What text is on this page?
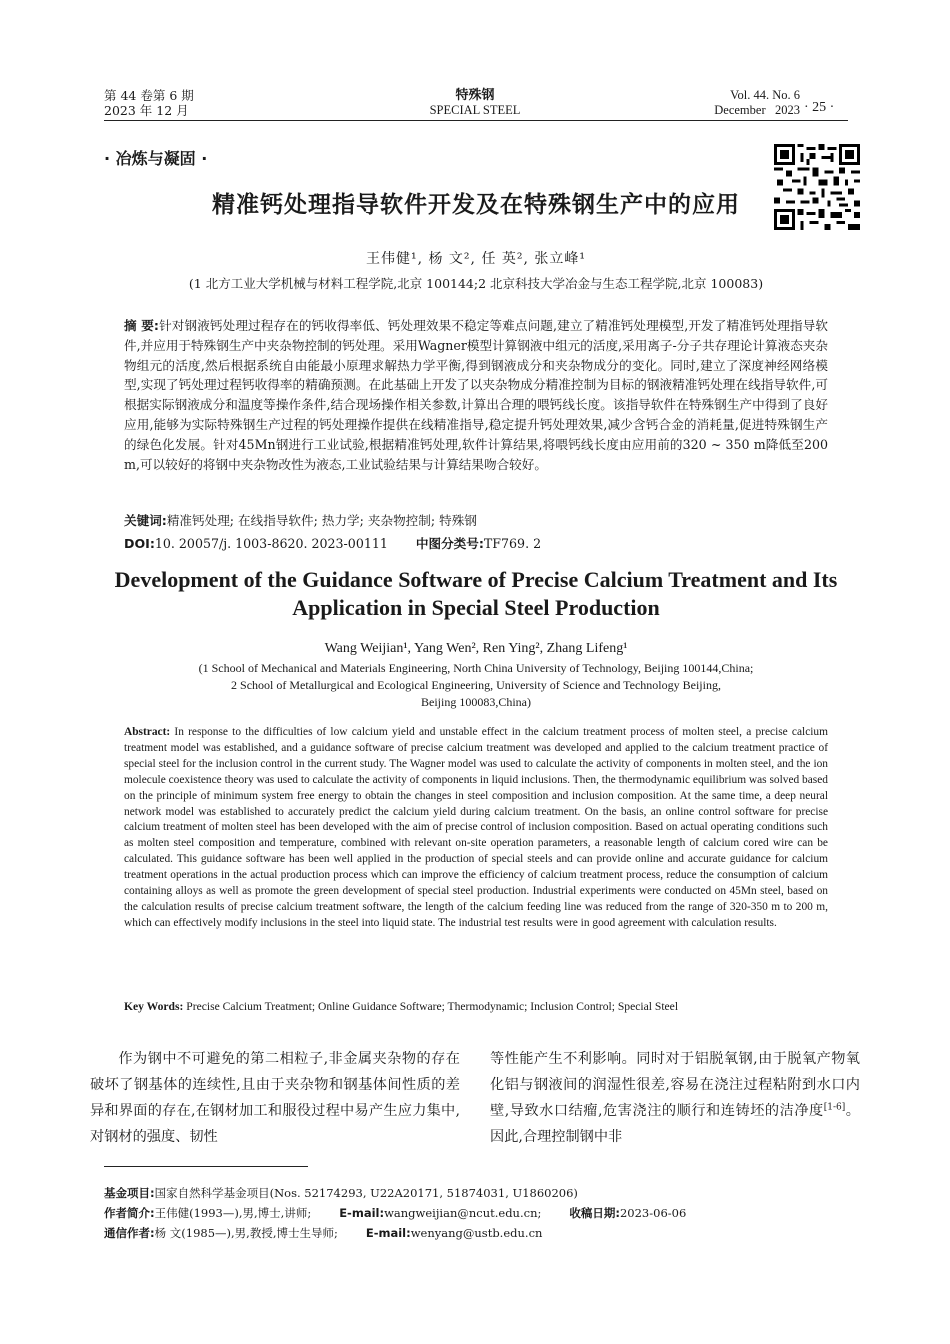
第 44 卷第 6 期
2023 年 12 月
特殊钢
SPECIAL STEEL
Vol. 44. No. 6
December   2023 · 25 ·
· 冶炼与凝固 ·
精准钙处理指导软件开发及在特殊钢生产中的应用
王伟健¹, 杨 文², 任 英², 张立峰¹
(1 北方工业大学机械与材料工程学院,北京 100144;2 北京科技大学冶金与生态工程学院,北京 100083)
摘 要:针对钢液钙处理过程存在的钙收得率低、钙处理效果不稳定等难点问题,建立了精准钙处理模型,开发了精准钙处理指导软件,并应用于特殊钢生产中夹杂物控制的钙处理。采用Wagner模型计算钢液中组元的活度,采用离子-分子共存理论计算液态夹杂物组元的活度,然后根据系统自由能最小原理求解热力学平衡,得到钢液成分和夹杂物成分的变化。同时,建立了深度神经网络模型,实现了钙处理过程钙收得率的精确预测。在此基础上开发了以夹杂物成分精准控制为目标的钢液精准钙处理在线指导软件,可根据实际钢液成分和温度等操作条件,结合现场操作相关参数,计算出合理的喂钙线长度。该指导软件在特殊钢生产中得到了良好应用,能够为实际特殊钢生产过程的钙处理操作提供在线精准指导,稳定提升钙处理效果,减少含钙合金的消耗量,促进特殊钢生产的绿色化发展。针对45Mn钢进行工业试验,根据精准钙处理,软件计算结果,将喂钙线长度由应用前的320 ~ 350 m降低至200 m,可以较好的将钢中夹杂物改性为液态,工业试验结果与计算结果吻合较好。
关键词:精准钙处理; 在线指导软件; 热力学; 夹杂物控制; 特殊钢
DOI:10. 20057/j. 1003-8620. 2023-00111 中图分类号:TF769. 2
Development of the Guidance Software of Precise Calcium Treatment and Its Application in Special Steel Production
Wang Weijian¹, Yang Wen², Ren Ying², Zhang Lifeng¹
(1 School of Mechanical and Materials Engineering, North China University of Technology, Beijing 100144,China;
2 School of Metallurgical and Ecological Engineering, University of Science and Technology Beijing,
Beijing 100083,China)
Abstract: In response to the difficulties of low calcium yield and unstable effect in the calcium treatment process of molten steel, a precise calcium treatment model was established, and a guidance software of precise calcium treatment was developed and applied to the calcium treatment practice of special steel for the inclusion control in the current study. The Wagner model was used to calculate the activity of components in molten steel, and the ion molecule coexistence theory was used to calculate the activity of components in liquid inclusions. Then, the thermodynamic equilibrium was solved based on the principle of minimum system free energy to obtain the changes in steel composition and inclusion composition. At the same time, a deep neural network model was established to accurately predict the calcium yield during calcium treatment. On the basis, an online control software for precise calcium treatment of molten steel has been developed with the aim of precise control of inclusion composition. Based on actual operating conditions such as molten steel composition and temperature, combined with relevant on-site operation parameters, a reasonable length of calcium cored wire can be calculated. This guidance software has been well applied in the production of special steels and can provide online and accurate guidance for calcium treatment operations in the actual production process which can improve the efficiency of calcium treatment process, reduce the consumption of calcium containing alloys as well as promote the green development of special steel production. Industrial experiments were conducted on 45Mn steel, based on the calculation results of precise calcium treatment software, the length of the calcium feeding line was reduced from the range of 320-350 m to 200 m, which can effectively modify inclusions in the steel into liquid state. The industrial test results were in good agreement with calculation results.
Key Words: Precise Calcium Treatment; Online Guidance Software; Thermodynamic; Inclusion Control; Special Steel
作为钢中不可避免的第二相粒子,非金属夹杂物的存在破坏了钢基体的连续性,且由于夹杂物和钢基体间性质的差异和界面的存在,在钢材加工和服役过程中易产生应力集中,对钢材的强度、韧性
等性能产生不利影响。同时对于铝脱氧钢,由于脱氧产物氧化铝与钢液间的润湿性很差,容易在浇注过程粘附到水口内壁,导致水口结瘤,危害浇注的顺行和连铸坯的洁净度[1-6]。因此,合理控制钢中非
基金项目:国家自然科学基金项目(Nos. 52174293, U22A20171, 51874031, U1860206)
作者简介:王伟健(1993—),男,博士,讲师; E-mail:wangweijian@ncut.edu.cn; 收稿日期:2023-06-06
通信作者:杨 文(1985—),男,教授,博士生导师; E-mail:wenyang@ustb.edu.cn
